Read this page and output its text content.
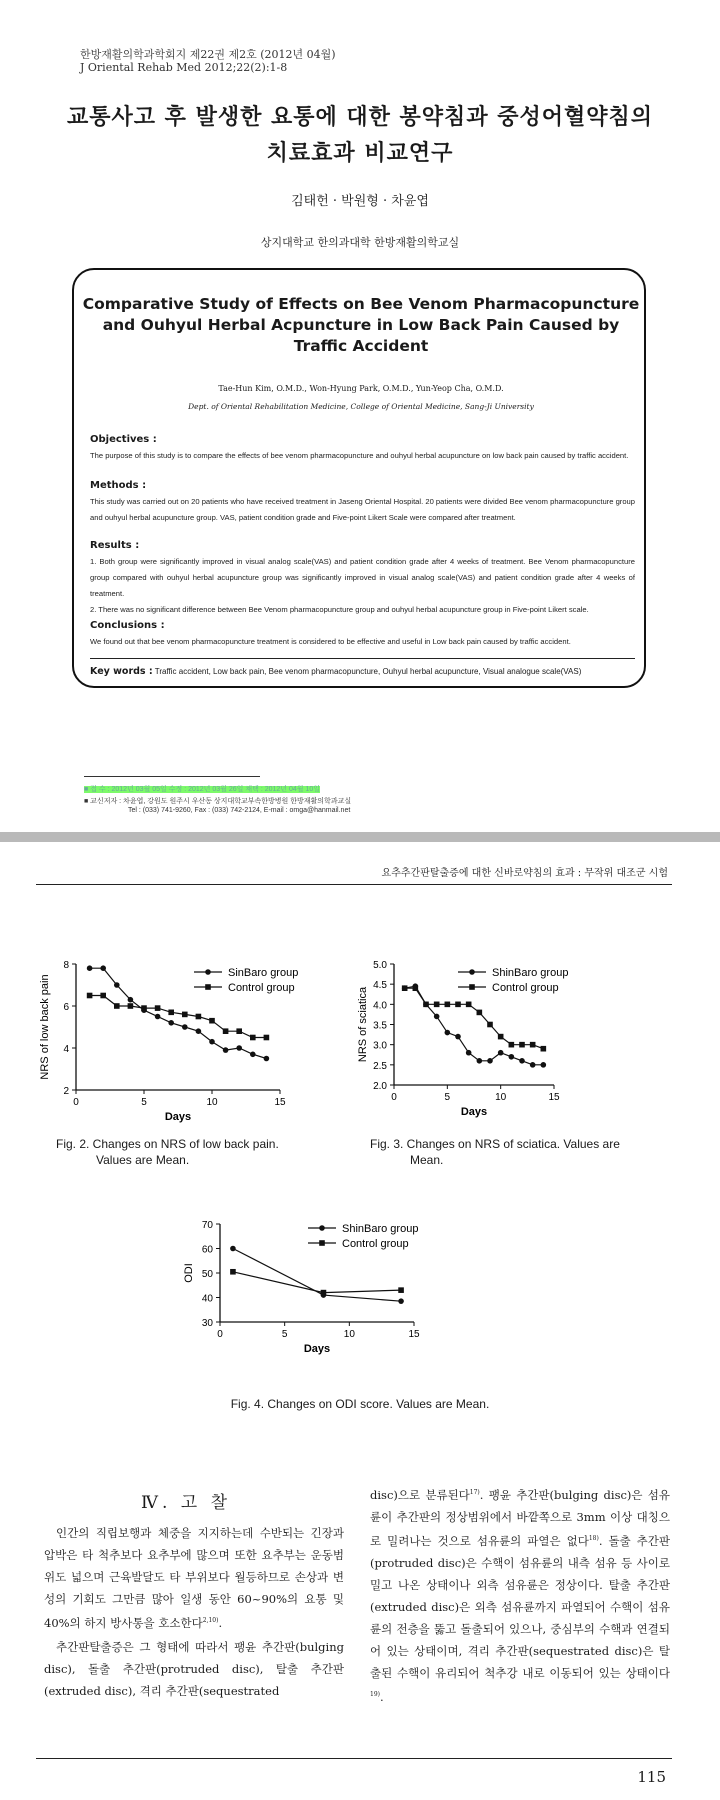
한방재활의학과학회지 제22권 제2호 (2012년 04월)
J Oriental Rehab Med 2012;22(2):1-8
교통사고 후 발생한 요통에 대한 봉약침과 중성어혈약침의
치료효과 비교연구
김태헌 · 박원형 · 차윤엽
상지대학교 한의과대학 한방재활의학교실
Comparative Study of Effects on Bee Venom Pharmacopuncture
and Ouhyul Herbal Acpuncture in Low Back Pain Caused by
Traffic Accident
Tae-Hun Kim, O.M.D., Won-Hyung Park, O.M.D., Yun-Yeop Cha, O.M.D.
Dept. of Oriental Rehabilitation Medicine, College of Oriental Medicine, Sang-Ji University
Objectives :
The purpose of this study is to compare the effects of bee venom pharmacopuncture and ouhyul herbal acupuncture on low back pain caused by traffic accident.
Methods :
This study was carried out on 20 patients who have received treatment in Jaseng Oriental Hospital. 20 patients were divided Bee venom pharmacopuncture group and ouhyul herbal acupuncture group. VAS, patient condition grade and Five-point Likert Scale were compared after treatment.
Results :
1. Both group were significantly improved in visual analog scale(VAS) and patient condition grade after 4 weeks of treatment. Bee Venom pharmacopuncture group compared with ouhyul herbal acupuncture group was significantly improved in visual analog scale(VAS) and patient condition grade after 4 weeks of treatment.
2. There was no significant difference between Bee Venom pharmacopuncture group and ouhyul herbal acupuncture group in Five-point Likert scale.
Conclusions :
We found out that bee venom pharmacopuncture treatment is considered to be effective and useful in Low back pain caused by traffic accident.
Key words : Traffic accident, Low back pain, Bee venom pharmacopuncture, Ouhyul herbal acupuncture, Visual analogue scale(VAS)
■ 접 수 : 2012년 03월 05일 수정 : 2012년 03월 26일 채택 : 2012년 04월 10일
■ 교신저자 : 차윤엽, 강원도 원주시 우산동 상지대학교부속한방병원 한방재활의학과교실
Tel : (033) 741-9260, Fax : (033) 742-2124, E-mail : omga@hanmail.net
요추추간판탈출증에 대한 신바로약침의 효과 : 무작위 대조군 시험
2
4
6
8
0	5	10	15
Days
NRS of low back pain
SinBaro group
Control group
2.0
2.5
3.0
3.5
4.0
4.5
5.0
0	5	10	15
Days
NRS of sciatica
ShinBaro group
Control group
Fig. 2. Changes on NRS of low back pain.
Values are Mean.
Fig. 3. Changes on NRS of sciatica. Values are
Mean.
30
40
50
60
70
0	5	10	15
Days
ODI
ShinBaro group
Control group
Fig. 4. Changes on ODI score. Values are Mean.
Ⅳ. 고 찰

인간의 직립보행과 체중을 지지하는데 수반되는 긴장과 압박은 타 척추보다 요추부에 많으며 또한 요추부는 운동범위도 넓으며 근육발달도 타 부위보다 월등하므로 손상과 변성의 기회도 그만큼 많아 일생 동안 60~90%의 요통 및 40%의 하지 방사통을 호소한다$^{2,10)}$.

추간판탈출증은 그 형태에 따라서 팽윤 추간판(bulging disc), 돌출 추간판(protruded disc), 탈출 추간판(extruded disc), 격리 추간판(sequestrated

disc)으로 분류된다$^{17)}$. 팽윤 추간판(bulging disc)은 섬유륜이 추간판의 정상범위에서 바깥쪽으로 3mm 이상 대칭으로 밀려나는 것으로 섬유륜의 파열은 없다$^{18)}$. 돌출 추간판(protruded disc)은 수핵이 섬유륜의 내측 섬유 등 사이로 밀고 나온 상태이나 외측 섬유륜은 정상이다. 탈출 추간판(extruded disc)은 외측 섬유륜까지 파열되어 수핵이 섬유륜의 전층을 뚫고 돌출되어 있으나, 중심부의 수핵과 연결되어 있는 상태이며, 격리 추간판(sequestrated disc)은 탈출된 수핵이 유리되어 척추강 내로 이동되어 있는 상태이다$^{19)}$.

115
